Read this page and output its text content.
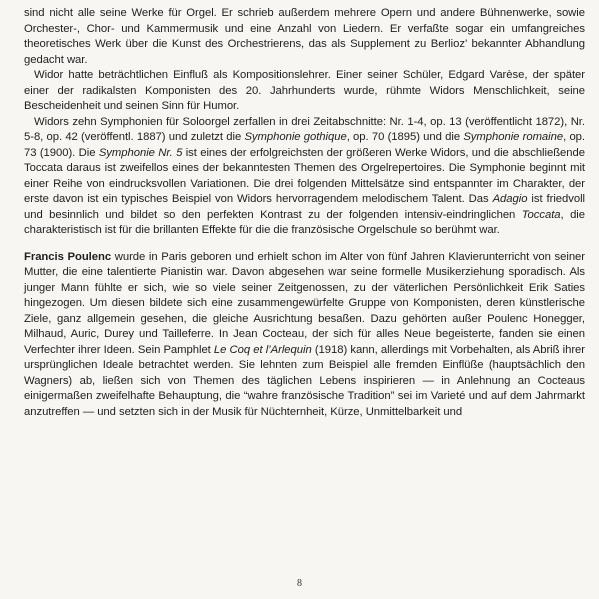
sind nicht alle seine Werke für Orgel. Er schrieb außerdem mehrere Opern und andere Bühnenwerke, sowie Orchester-, Chor- und Kammermusik und eine Anzahl von Liedern. Er verfaßte sogar ein umfangreiches theoretisches Werk über die Kunst des Orchestrierens, das als Supplement zu Berlioz’ bekannter Abhandlung gedacht war.

Widor hatte beträchtlichen Einfluß als Kompositionslehrer. Einer seiner Schüler, Edgard Varèse, der später einer der radikalsten Komponisten des 20. Jahrhunderts wurde, rühmte Widors Menschlichkeit, seine Bescheidenheit und seinen Sinn für Humor.

Widors zehn Symphonien für Soloorgel zerfallen in drei Zeitabschnitte: Nr. 1-4, op. 13 (veröffentlicht 1872), Nr. 5-8, op. 42 (veröffentl. 1887) und zuletzt die Symphonie gothique, op. 70 (1895) und die Symphonie romaine, op. 73 (1900). Die Symphonie Nr. 5 ist eines der erfolgreichsten der größeren Werke Widors, und die abschließende Toccata daraus ist zweifellos eines der bekanntesten Themen des Orgelrepertoires. Die Symphonie beginnt mit einer Reihe von eindrucksvollen Variationen. Die drei folgenden Mittelsätze sind entspannter im Charakter, der erste davon ist ein typisches Beispiel von Widors hervorragendem melodischem Talent. Das Adagio ist friedvoll und besinnlich und bildet so den perfekten Kontrast zu der folgenden intensiv-eindringlichen Toccata, die charakteristisch ist für die brillanten Effekte für die die französische Orgelschule so berühmt war.

Francis Poulenc wurde in Paris geboren und erhielt schon im Alter von fünf Jahren Klavierunterricht von seiner Mutter, die eine talentierte Pianistin war. Davon abgesehen war seine formelle Musikerziehung sporadisch. Als junger Mann fühlte er sich, wie so viele seiner Zeitgenossen, zu der väterlichen Persönlichkeit Erik Saties hingezogen. Um diesen bildete sich eine zusammengewürfelte Gruppe von Komponisten, deren künstlerische Ziele, ganz allgemein gesehen, die gleiche Ausrichtung besaßen. Dazu gehörten außer Poulenc Honegger, Milhaud, Auric, Durey und Tailleferre. In Jean Cocteau, der sich für alles Neue begeisterte, fanden sie einen Verfechter ihrer Ideen. Sein Pamphlet Le Coq et l’Arlequin (1918) kann, allerdings mit Vorbehalten, als Abriß ihrer ursprünglichen Ideale betrachtet werden. Sie lehnten zum Beispiel alle fremden Einflüße (hauptsächlich den Wagners) ab, ließen sich von Themen des täglichen Lebens inspirieren — in Anlehnung an Cocteaus einigermaßen zweifelhafte Behauptung, die “wahre französische Tradition” sei im Varieté und auf dem Jahrmarkt anzutreffen — und setzten sich in der Musik für Nüchternheit, Kürze, Unmittelbarkeit und

8
